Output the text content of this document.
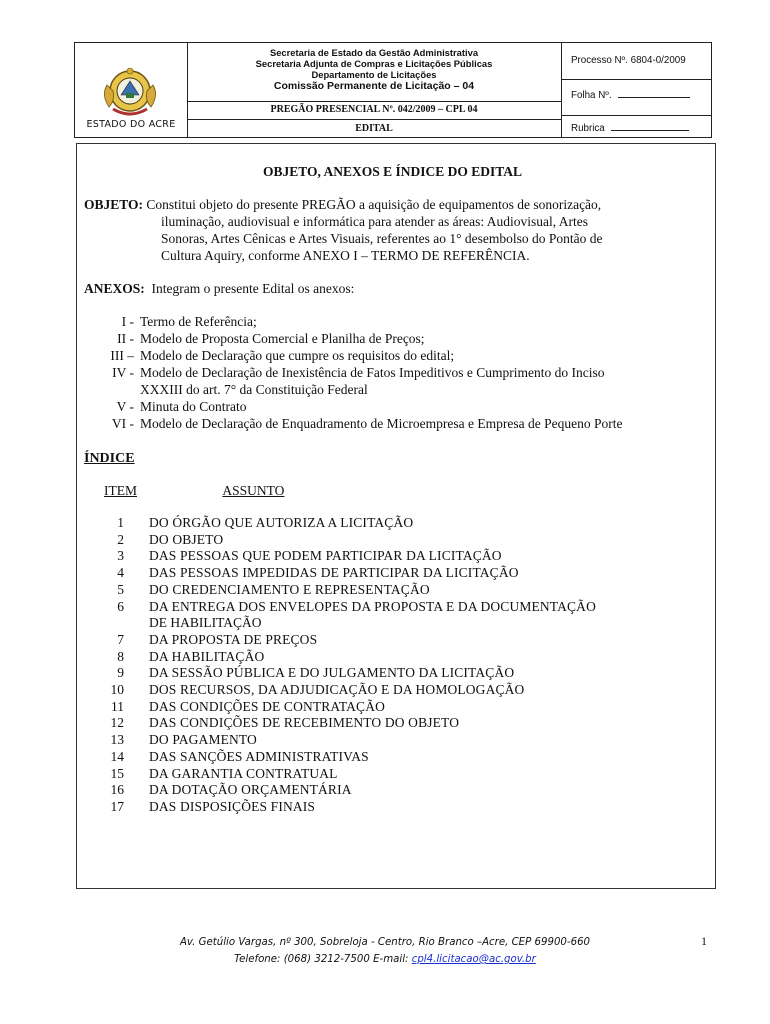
ESTADO DO ACRE
Secretaria de Estado da Gestão Administrativa
Secretaria Adjunta de Compras e Licitações Públicas
Departamento de Licitações
Comissão Permanente de Licitação – 04
PREGÃO PRESENCIAL Nº. 042/2009 – CPL 04
EDITAL
Processo Nº. 6804-0/2009
Folha Nº.
Rubrica
OBJETO, ANEXOS E ÍNDICE DO EDITAL
OBJETO: Constitui objeto do presente PREGÃO a aquisição de equipamentos de sonorização,
iluminação, audiovisual e informática para atender as áreas: Audiovisual, Artes
Sonoras, Artes Cênicas e Artes Visuais, referentes ao 1° desembolso do Pontão de
Cultura Aquiry, conforme ANEXO I – TERMO DE REFERÊNCIA.
ANEXOS: Integram o presente Edital os anexos:
I - Termo de Referência;
II - Modelo de Proposta Comercial e Planilha de Preços;
III – Modelo de Declaração que cumpre os requisitos do edital;
IV - Modelo de Declaração de Inexistência de Fatos Impeditivos e Cumprimento do Inciso
XXXIII do art. 7° da Constituição Federal
V - Minuta do Contrato
VI - Modelo de Declaração de Enquadramento de Microempresa e Empresa de Pequeno Porte
ÍNDICE
ITEM	ASSUNTO
1	DO ÓRGÃO QUE AUTORIZA A LICITAÇÃO
2	DO OBJETO
3	DAS PESSOAS QUE PODEM PARTICIPAR DA LICITAÇÃO
4	DAS PESSOAS IMPEDIDAS DE PARTICIPAR DA LICITAÇÃO
5	DO CREDENCIAMENTO E REPRESENTAÇÃO
6	DA ENTREGA DOS ENVELOPES DA PROPOSTA E DA DOCUMENTAÇÃO
DE HABILITAÇÃO
7	DA PROPOSTA DE PREÇOS
8	DA HABILITAÇÃO
9	DA SESSÃO PÚBLICA E DO JULGAMENTO DA LICITAÇÃO
10	DOS RECURSOS, DA ADJUDICAÇÃO E DA HOMOLOGAÇÃO
11	DAS CONDIÇÕES DE CONTRATAÇÃO
12	DAS CONDIÇÕES DE RECEBIMENTO DO OBJETO
13	DO PAGAMENTO
14	DAS SANÇÕES ADMINISTRATIVAS
15	DA GARANTIA CONTRATUAL
16	DA DOTAÇÃO ORÇAMENTÁRIA
17	DAS DISPOSIÇÕES FINAIS
Av. Getúlio Vargas, nº 300, Sobreloja - Centro, Rio Branco –Acre, CEP 69900-660
Telefone: (068) 3212-7500 E-mail: cpl4.licitacao@ac.gov.br
1
